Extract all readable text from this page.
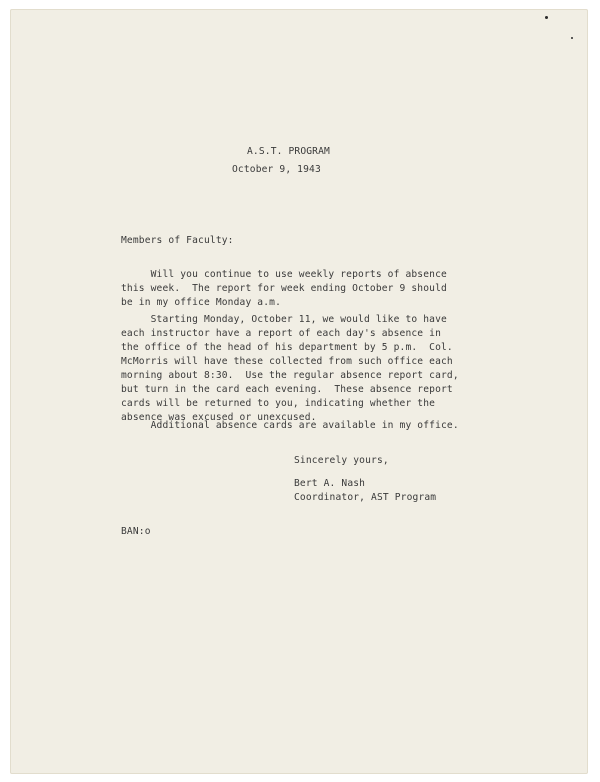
A.S.T. PROGRAM

October 9, 1943

Members of Faculty:

Will you continue to use weekly reports of absence
this week.  The report for week ending October 9 should
be in my office Monday a.m.

Starting Monday, October 11, we would like to have
each instructor have a report of each day's absence in
the office of the head of his department by 5 p.m.  Col.
McMorris will have these collected from such office each
morning about 8:30.  Use the regular absence report card,
but turn in the card each evening.  These absence report
cards will be returned to you, indicating whether the
absence was excused or unexcused.

Additional absence cards are available in my office.

Sincerely yours,

Bert A. Nash

Coordinator, AST Program

BAN:o
